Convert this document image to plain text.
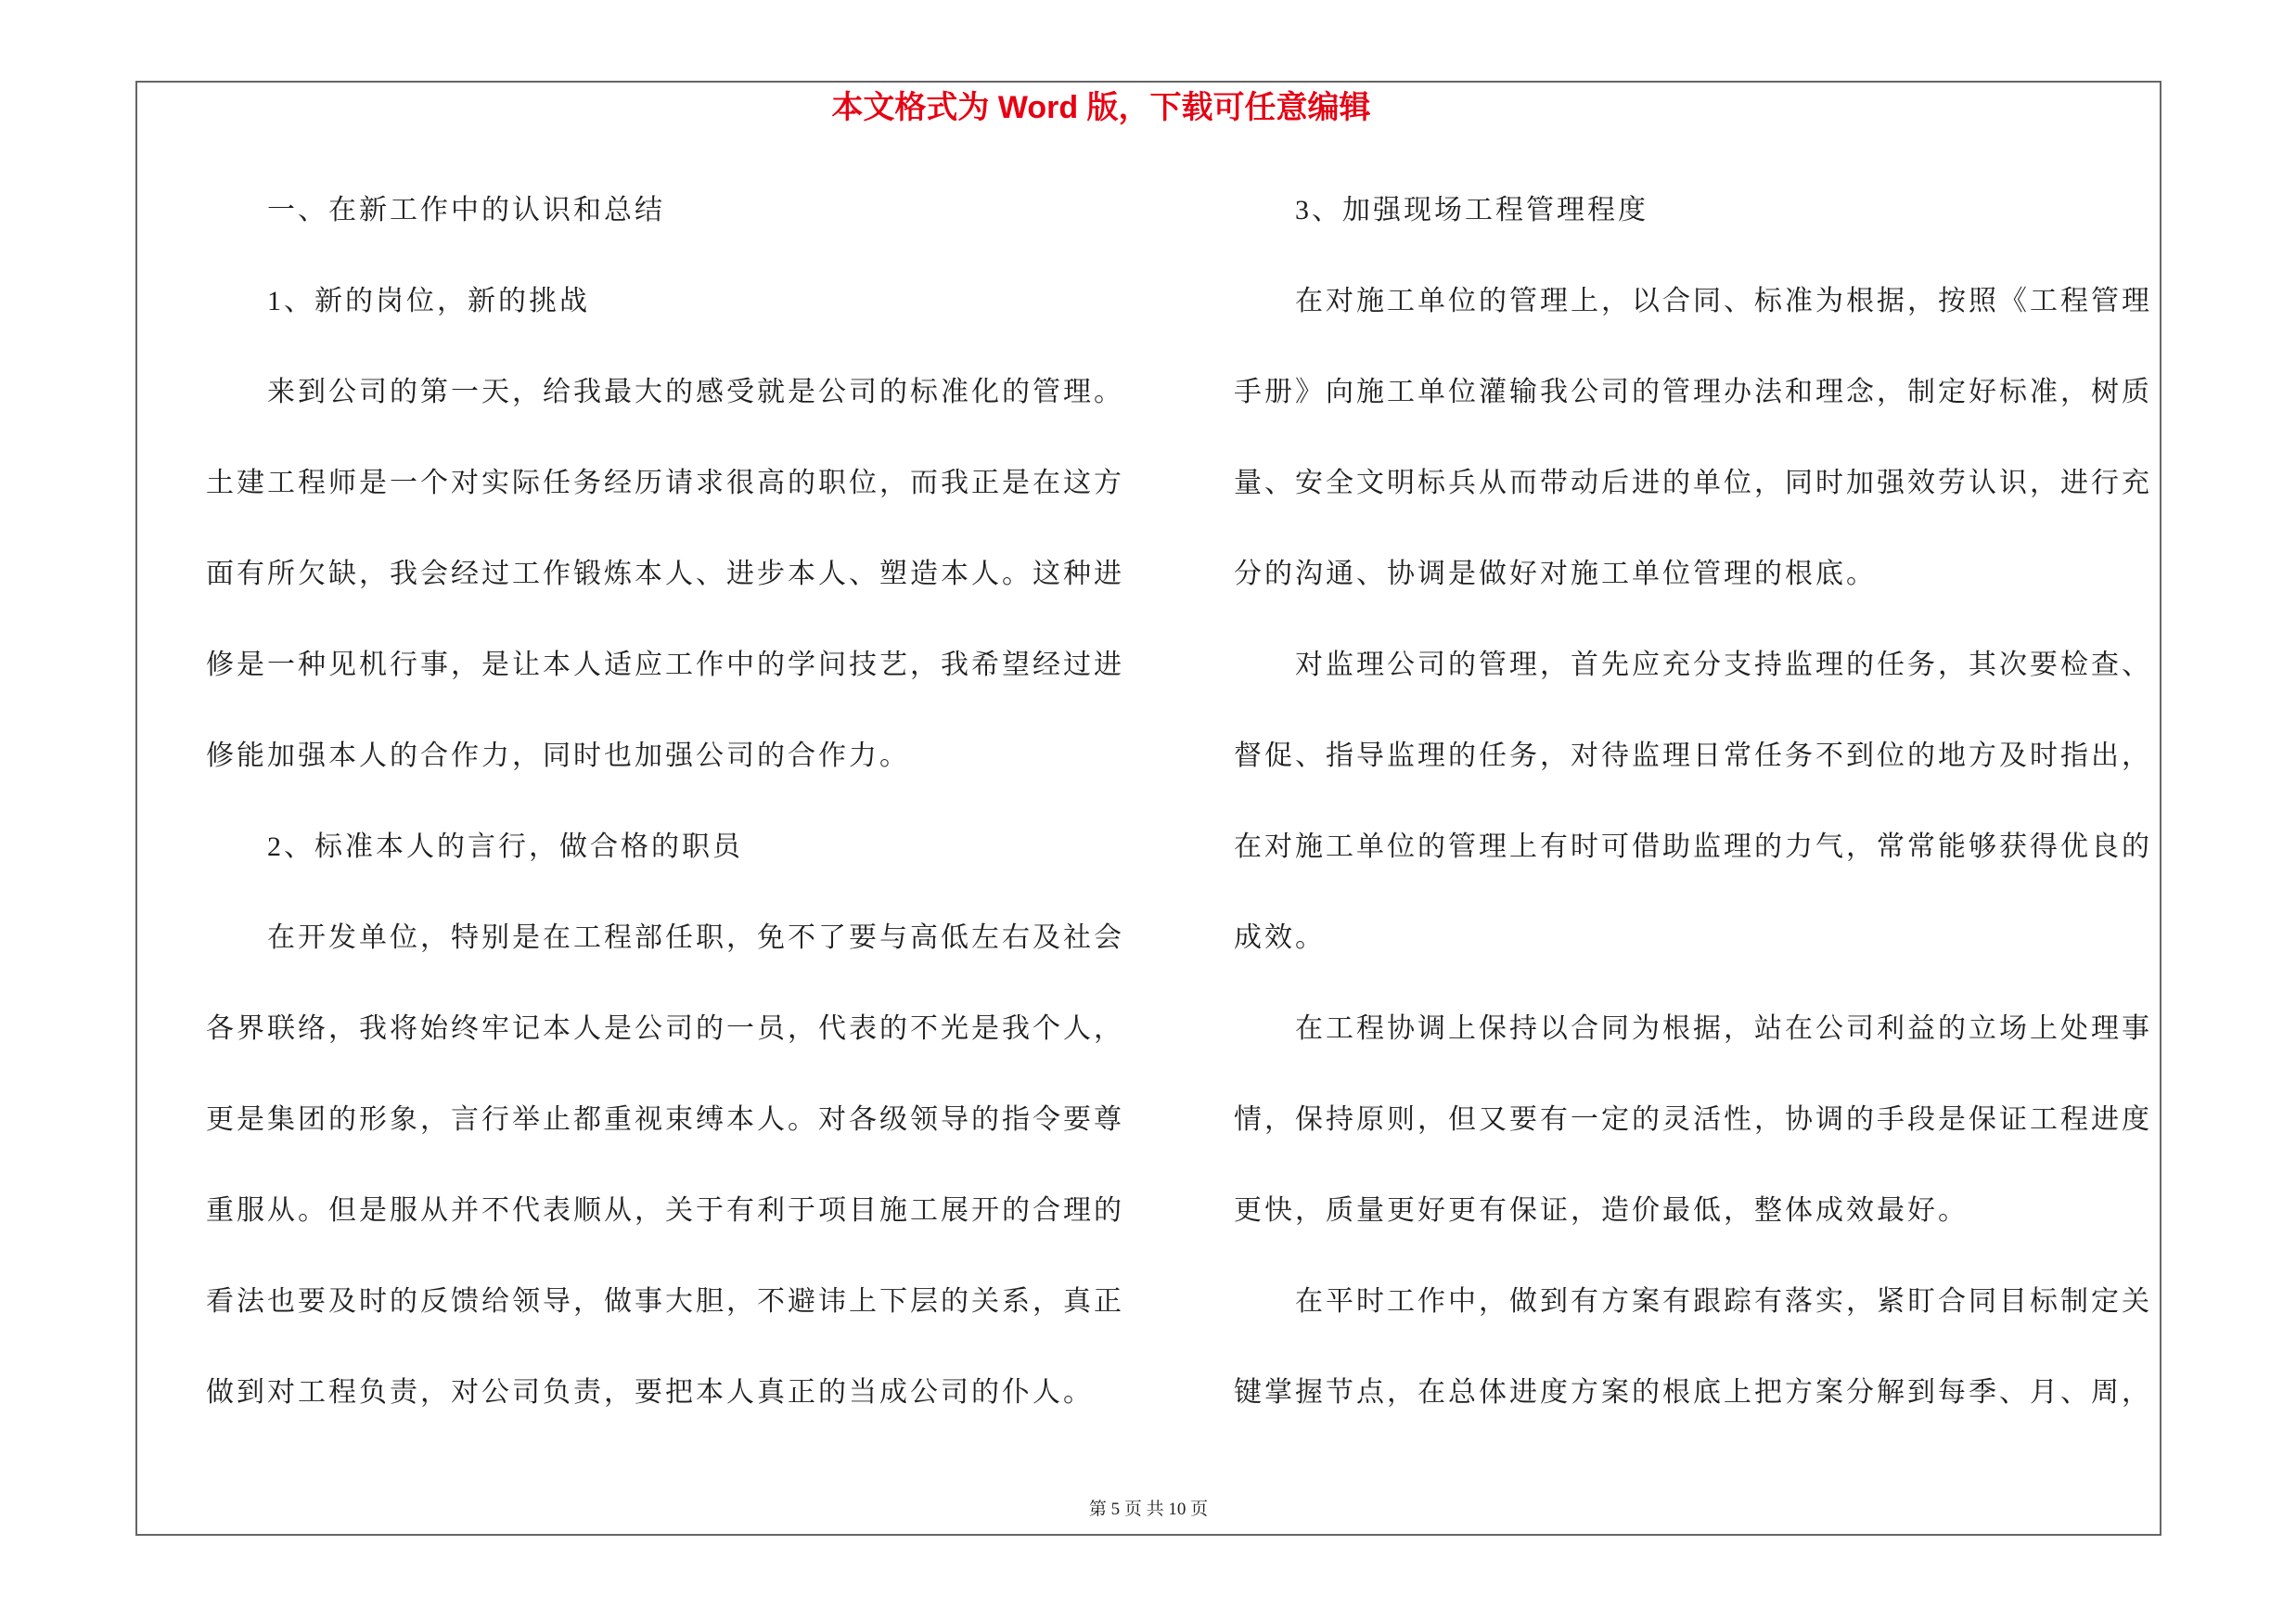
本文格式为 Word 版，下载可任意编辑
一、在新工作中的认识和总结
1、新的岗位，新的挑战
来到公司的第一天，给我最大的感受就是公司的标准化的管理。
土建工程师是一个对实际任务经历请求很高的职位，而我正是在这方
面有所欠缺，我会经过工作锻炼本人、进步本人、塑造本人。这种进
修是一种见机行事，是让本人适应工作中的学问技艺，我希望经过进
修能加强本人的合作力，同时也加强公司的合作力。
2、标准本人的言行，做合格的职员
在开发单位，特别是在工程部任职，免不了要与高低左右及社会
各界联络，我将始终牢记本人是公司的一员，代表的不光是我个人，
更是集团的形象，言行举止都重视束缚本人。对各级领导的指令要尊
重服从。但是服从并不代表顺从，关于有利于项目施工展开的合理的
看法也要及时的反馈给领导，做事大胆，不避讳上下层的关系，真正
做到对工程负责，对公司负责，要把本人真正的当成公司的仆人。
3、加强现场工程管理程度
在对施工单位的管理上，以合同、标准为根据，按照《工程管理
手册》向施工单位灌输我公司的管理办法和理念，制定好标准，树质
量、安全文明标兵从而带动后进的单位，同时加强效劳认识，进行充
分的沟通、协调是做好对施工单位管理的根底。
对监理公司的管理，首先应充分支持监理的任务，其次要检查、
督促、指导监理的任务，对待监理日常任务不到位的地方及时指出，
在对施工单位的管理上有时可借助监理的力气，常常能够获得优良的
成效。
在工程协调上保持以合同为根据，站在公司利益的立场上处理事
情，保持原则，但又要有一定的灵活性，协调的手段是保证工程进度
更快，质量更好更有保证，造价最低，整体成效最好。
在平时工作中，做到有方案有跟踪有落实，紧盯合同目标制定关
键掌握节点，在总体进度方案的根底上把方案分解到每季、月、周，
第 5 页 共 10 页
